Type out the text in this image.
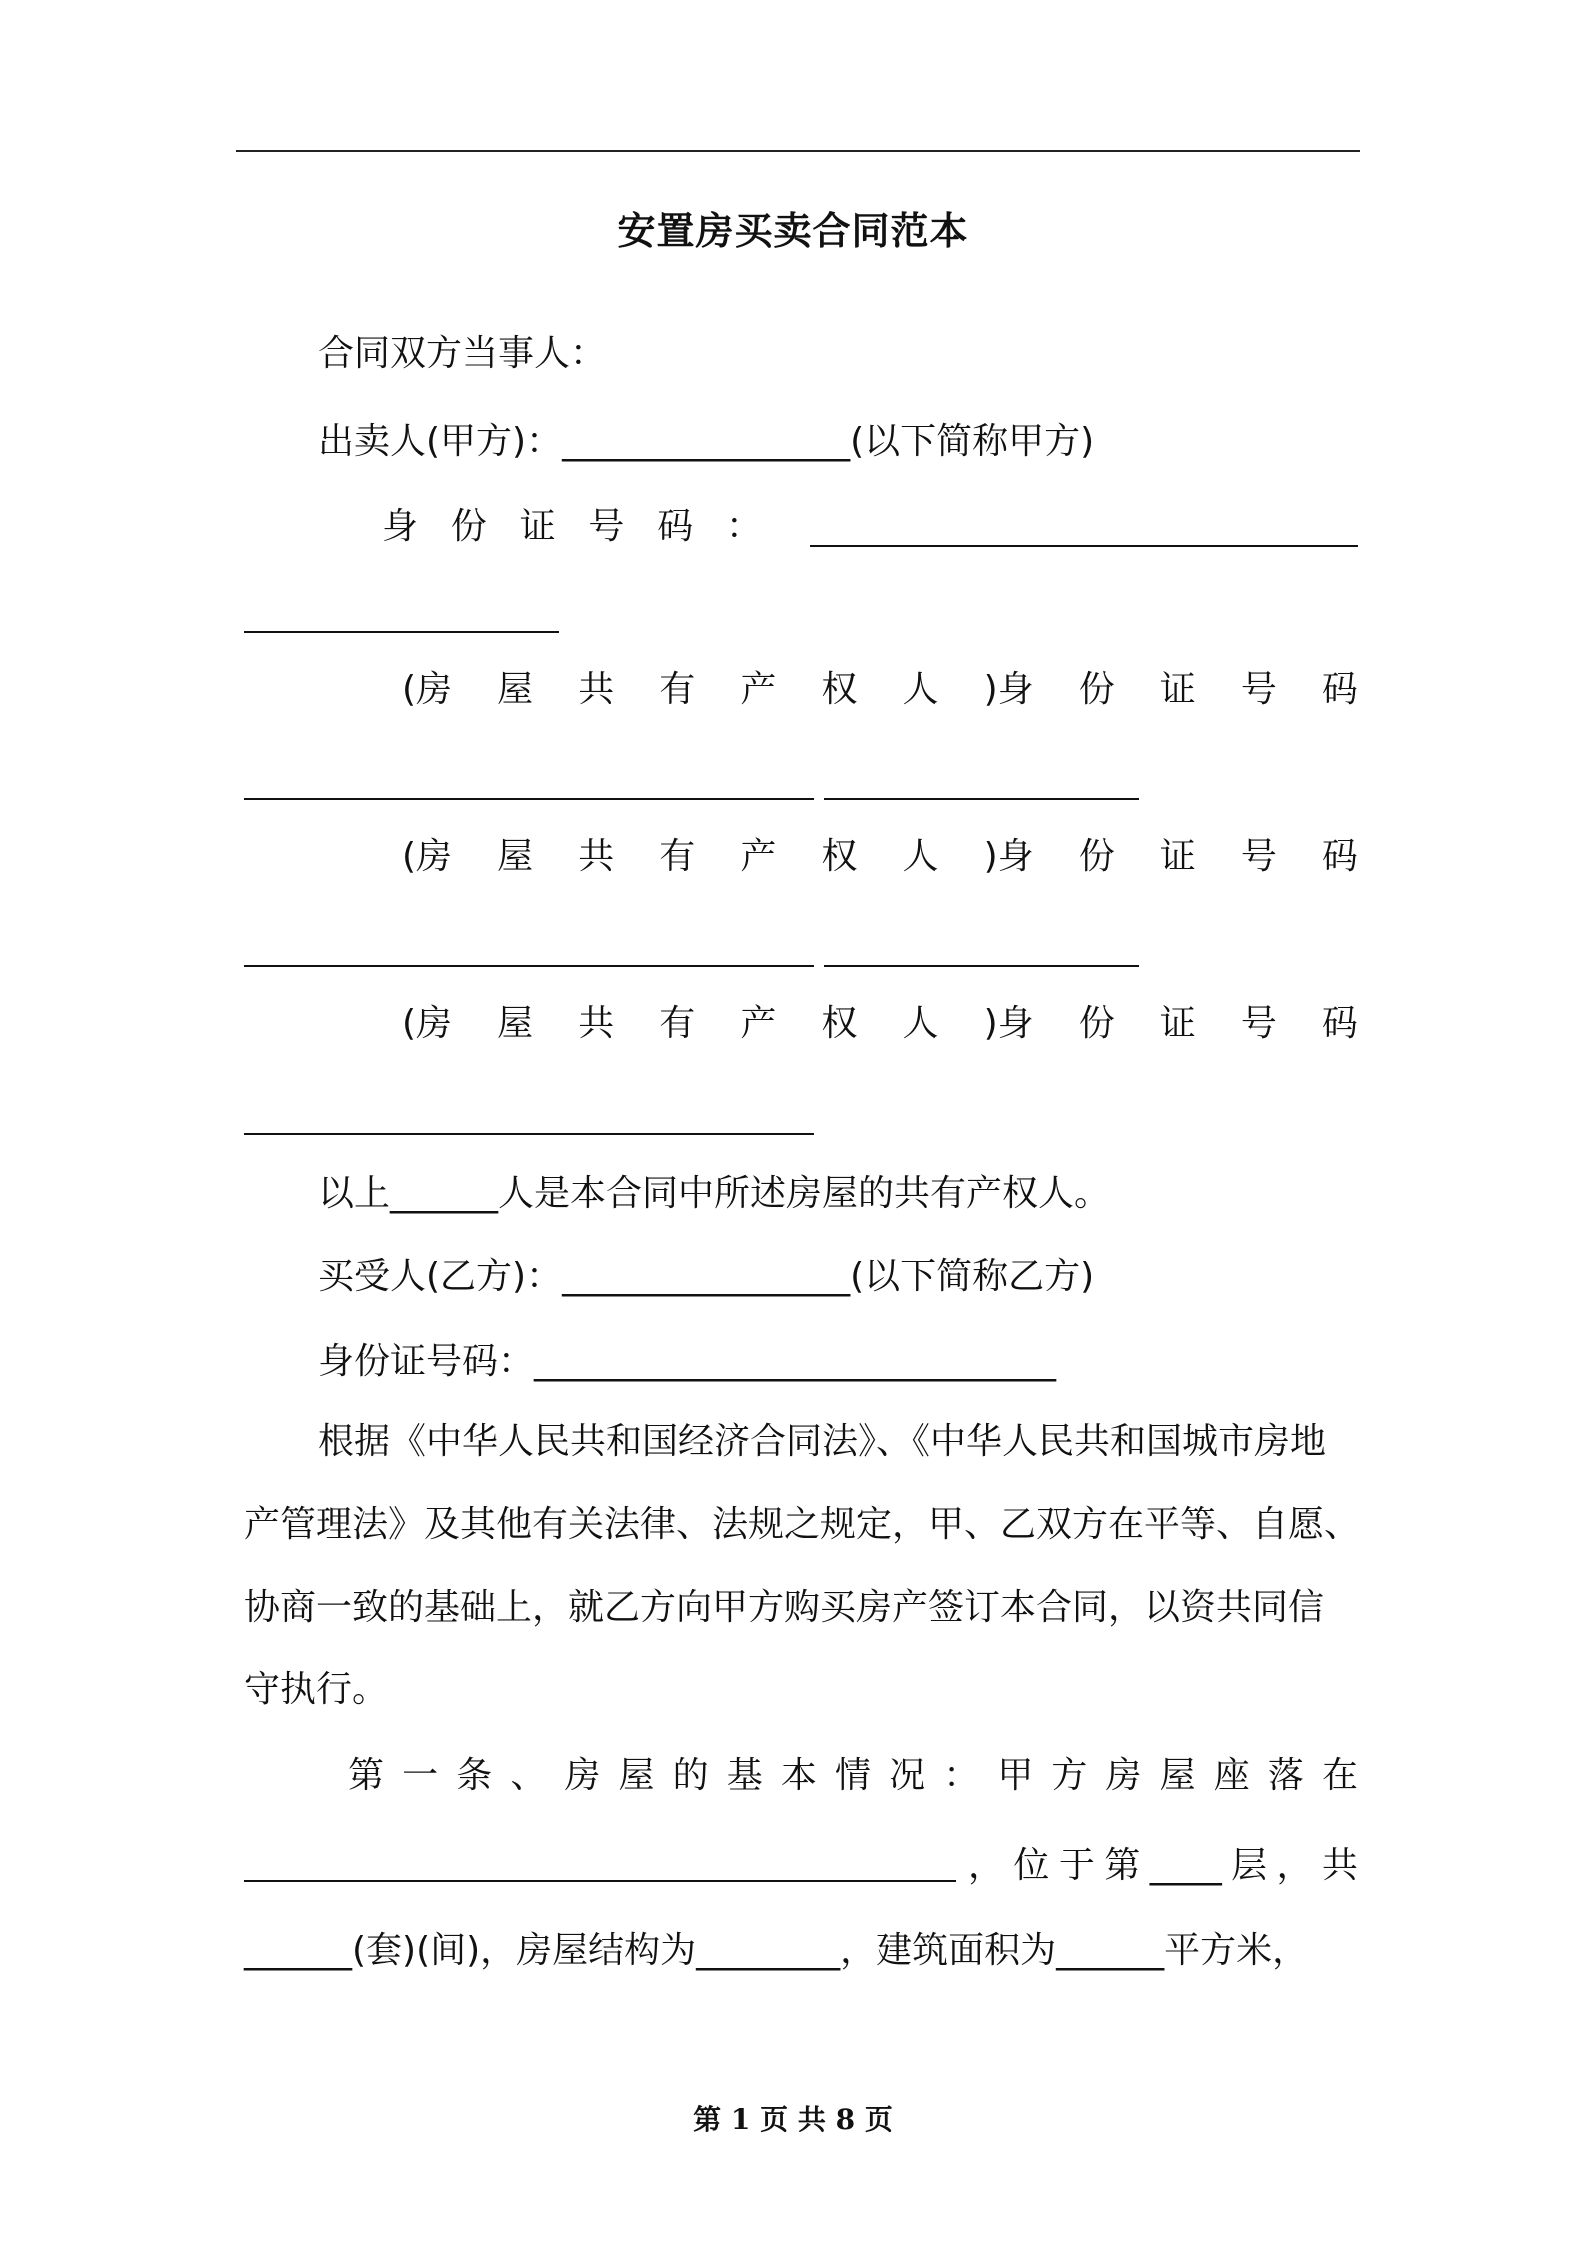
安置房买卖合同范本
合同双方当事人：
出卖人(甲方)：________________(以下简称甲方)
身 份 证 号 码 ：
(房 屋 共 有 产 权 人 )身 份 证 号 码
(房 屋 共 有 产 权 人 )身 份 证 号 码
(房 屋 共 有 产 权 人 )身 份 证 号 码
以上______人是本合同中所述房屋的共有产权人。
买受人(乙方)：________________(以下简称乙方)
身份证号码：_____________________________
根据《中华人民共和国经济合同法》、《中华人民共和国城市房地
产管理法》及其他有关法律、法规之规定，甲、乙双方在平等、自愿、
协商一致的基础上，就乙方向甲方购买房产签订本合同，以资共同信
守执行。
第 一 条 、 房 屋 的 基 本 情 况 ： 甲 方 房 屋 座 落 在
， 位 于 第 ____ 层 ， 共
______(套)(间)，房屋结构为________，建筑面积为______平方米，
第 1 页 共 8 页
